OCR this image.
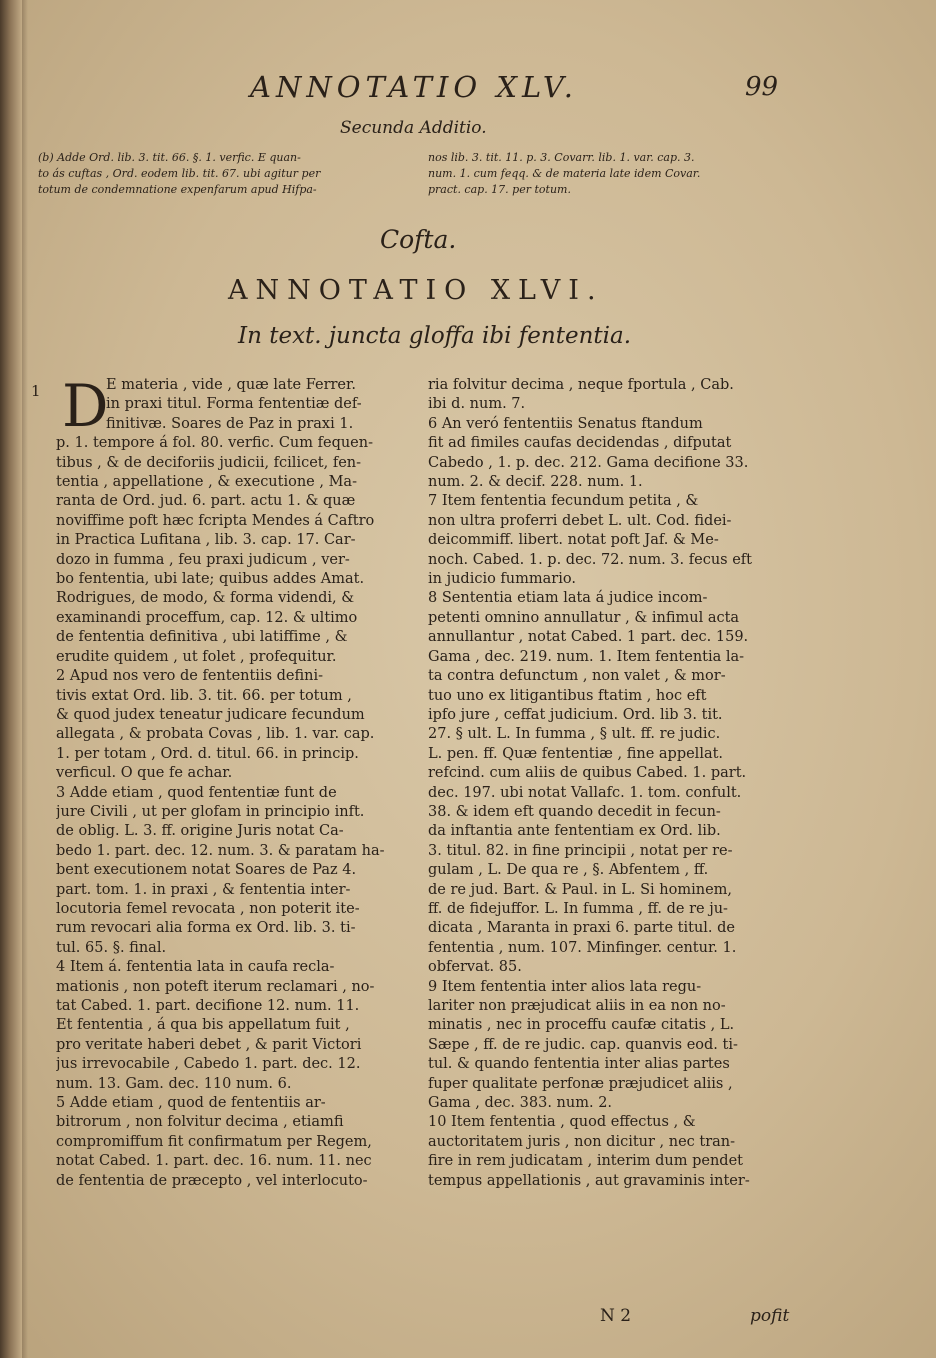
ANNOTATIO XLV.	99
Secunda Additio.
(b) Adde Ord. lib. 3. tit. 66. §. 1. verfic. E quan-
to ás cuftas , Ord. eodem lib. tit. 67. ubi agitur per
totum de condemnatione expenfarum apud Hifpa-
nos lib. 3. tit. 11. p. 3. Covarr. lib. 1. var. cap. 3.
num. 1. cum feqq. & de materia late idem Covar.
pract. cap. 17. per totum.
Cofta.
ANNOTATIO XLVI.
In text. juncta gloffa ibi fententia.
1 D
E materia , vide , quæ late Ferrer.
in praxi titul. Forma fententiæ def-
finitivæ. Soares de Paz in praxi 1.
p. 1. tempore á fol. 80. verfic. Cum fequen-
tibus , & de deciforiis judicii, fcilicet, fen-
tentia , appellatione , & executione , Ma-
ranta de Ord. jud. 6. part. actu 1. & quæ
noviffime poft hæc fcripta Mendes á Caftro
in Practica Lufitana , lib. 3. cap. 17. Car-
dozo in fumma , feu praxi judicum , ver-
bo fententia, ubi late; quibus addes Amat.
Rodrigues, de modo, & forma videndi, &
examinandi proceffum, cap. 12. & ultimo
de fententia definitiva , ubi latiffime , &
erudite quidem , ut folet , profequitur.
2 Apud nos vero de fententiis defini-
tivis extat Ord. lib. 3. tit. 66. per totum ,
& quod judex teneatur judicare fecundum
allegata , & probata Covas , lib. 1. var. cap.
1. per totam , Ord. d. titul. 66. in princip.
verficul. O que fe achar.
3 Adde etiam , quod fententiæ funt de
jure Civili , ut per glofam in principio inft.
de oblig. L. 3. ff. origine Juris notat Ca-
bedo 1. part. dec. 12. num. 3. & paratam ha-
bent executionem notat Soares de Paz 4.
part. tom. 1. in praxi , & fententia inter-
locutoria femel revocata , non poterit ite-
rum revocari alia forma ex Ord. lib. 3. ti-
tul. 65. §. final.
4 Item á. fententia lata in caufa recla-
mationis , non poteft iterum reclamari , no-
tat Cabed. 1. part. decifione 12. num. 11.
Et fententia , á qua bis appellatum fuit ,
pro veritate haberi debet , & parit Victori
jus irrevocabile , Cabedo 1. part. dec. 12.
num. 13. Gam. dec. 110 num. 6.
5 Adde etiam , quod de fententiis ar-
bitrorum , non folvitur decima , etiamfi
compromiffum fit confirmatum per Regem,
notat Cabed. 1. part. dec. 16. num. 11. nec
de fententia de præcepto , vel interlocuto-
ria folvitur decima , neque fportula , Cab.
ibi d. num. 7.
6 An veró fententiis Senatus ftandum
fit ad fimiles caufas decidendas , difputat
Cabedo , 1. p. dec. 212. Gama decifione 33.
num. 2. & decif. 228. num. 1.
7 Item fententia fecundum petita , &
non ultra proferri debet L. ult. Cod. fidei-
deicommiff. libert. notat poft Jaf. & Me-
noch. Cabed. 1. p. dec. 72. num. 3. fecus eft
in judicio fummario.
8 Sententia etiam lata á judice incom-
petenti omnino annullatur , & infimul acta
annullantur , notat Cabed. 1 part. dec. 159.
Gama , dec. 219. num. 1. Item fententia la-
ta contra defunctum , non valet , & mor-
tuo uno ex litigantibus ftatim , hoc eft
ipfo jure , ceffat judicium. Ord. lib 3. tit.
27. § ult. L. In fumma , § ult. ff. re judic.
L. pen. ff. Quæ fententiæ , fine appellat.
refcind. cum aliis de quibus Cabed. 1. part.
dec. 197. ubi notat Vallafc. 1. tom. confult.
38. & idem eft quando decedit in fecun-
da inftantia ante fententiam ex Ord. lib.
3. titul. 82. in fine principii , notat per re-
gulam , L. De qua re , §. Abfentem , ff.
de re jud. Bart. & Paul. in L. Si hominem,
ff. de fidejuffor. L. In fumma , ff. de re ju-
dicata , Maranta in praxi 6. parte titul. de
fententia , num. 107. Minfinger. centur. 1.
obfervat. 85.
9 Item fententia inter alios lata regu-
lariter non præjudicat aliis in ea non no-
minatis , nec in proceffu caufæ citatis , L.
Sæpe , ff. de re judic. cap. quanvis eod. ti-
tul. & quando fententia inter alias partes
fuper qualitate perfonæ præjudicet aliis ,
Gama , dec. 383. num. 2.
10 Item fententia , quod effectus , &
auctoritatem juris , non dicitur , nec tran-
fire in rem judicatam , interim dum pendet
tempus appellationis , aut gravaminis inter-
N 2	pofit
